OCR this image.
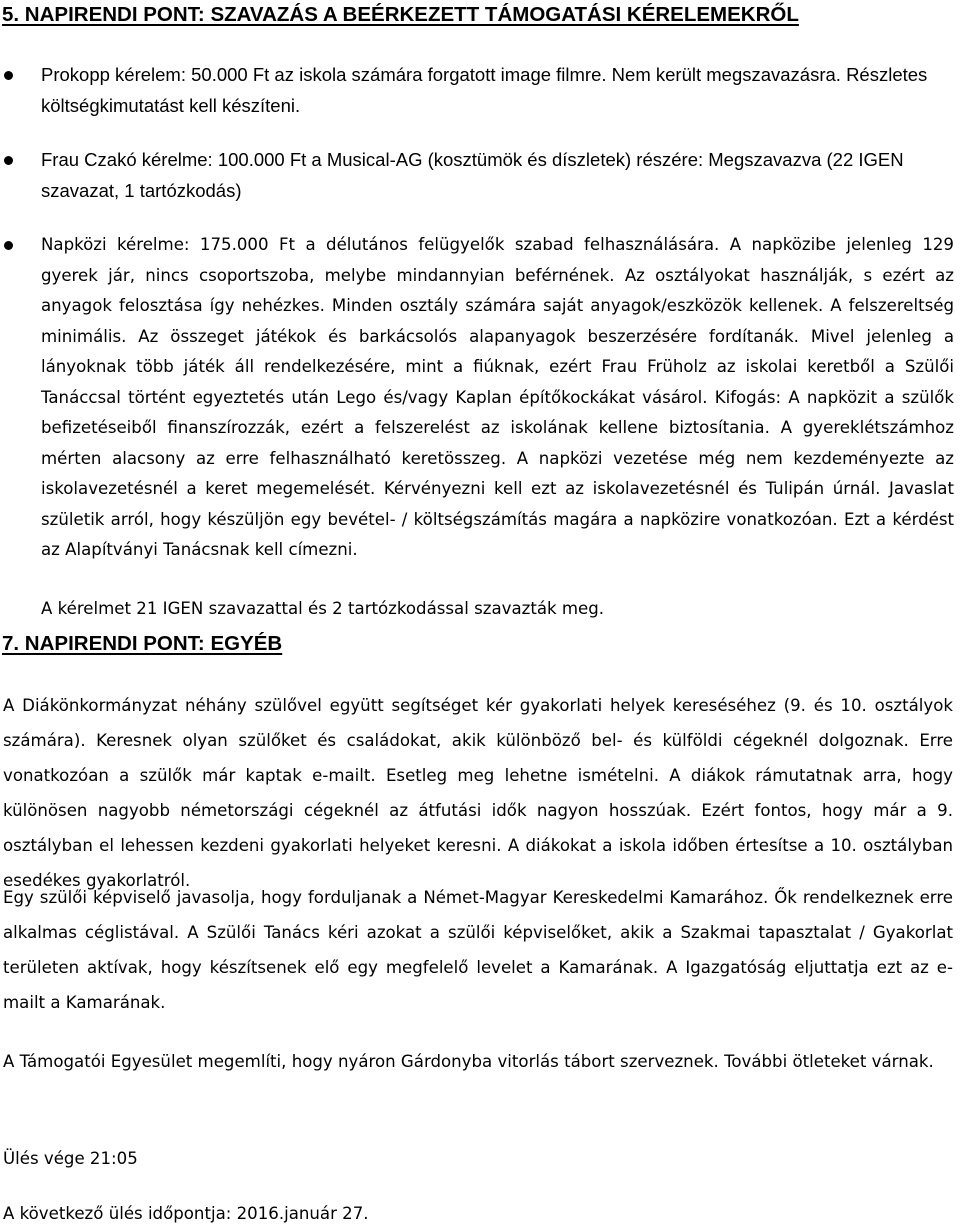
5. NAPIRENDI PONT: SZAVAZÁS A BEÉRKEZETT TÁMOGATÁSI KÉRELEMEKRŐL

Prokopp kérelem: 50.000 Ft az iskola számára forgatott image filmre. Nem került megszavazásra. Részletes költségkimutatást kell készíteni.

Frau Czakó kérelme: 100.000 Ft a Musical-AG (kosztümök és díszletek) részére: Megszavazva (22 IGEN szavazat, 1 tartózkodás)

Napközi kérelme: 175.000 Ft a délutános felügyelők szabad felhasználására. A napközibe jelenleg 129 gyerek jár, nincs csoportszoba, melybe mindannyian beférnének. Az osztályokat használják, s ezért az anyagok felosztása így nehézkes. Minden osztály számára saját anyagok/eszközök kellenek. A felszereltség minimális. Az összeget játékok és barkácsolós alapanyagok beszerzésére fordítanák. Mivel jelenleg a lányoknak több játék áll rendelkezésére, mint a fiúknak, ezért Frau Früholz az iskolai keretből a Szülői Tanáccsal történt egyeztetés után Lego és/vagy Kaplan építőkockákat vásárol. Kifogás: A napközit a szülők befizetéseiből finanszírozzák, ezért a felszerelést az iskolának kellene biztosítania. A gyereklétszámhoz mérten alacsony az erre felhasználható keretösszeg. A napközi vezetése még nem kezdeményezte az iskolavezetésnél a keret megemelését. Kérvényezni kell ezt az iskolavezetésnél és Tulipán úrnál. Javaslat születik arról, hogy készüljön egy bevétel- / költségszámítás magára a napközire vonatkozóan. Ezt a kérdést az Alapítványi Tanácsnak kell címezni.

A kérelmet 21 IGEN szavazattal és 2 tartózkodással szavazták meg.

7. NAPIRENDI PONT: EGYÉB

A Diákönkormányzat néhány szülővel együtt segítséget kér gyakorlati helyek kereséséhez (9. és 10. osztályok számára). Keresnek olyan szülőket és családokat, akik különböző bel- és külföldi cégeknél dolgoznak. Erre vonatkozóan a szülők már kaptak e-mailt. Esetleg meg lehetne ismételni. A diákok rámutatnak arra, hogy különösen nagyobb németországi cégeknél az átfutási idők nagyon hosszúak. Ezért fontos, hogy már a 9. osztályban el lehessen kezdeni gyakorlati helyeket keresni. A diákokat a iskola időben értesítse a 10. osztályban esedékes gyakorlatról.

Egy szülői képviselő javasolja, hogy forduljanak a Német-Magyar Kereskedelmi Kamarához. Ők rendelkeznek erre alkalmas céglistával. A Szülői Tanács kéri azokat a szülői képviselőket, akik a Szakmai tapasztalat / Gyakorlat területen aktívak, hogy készítsenek elő egy megfelelő levelet a Kamarának. A Igazgatóság eljuttatja ezt az e-mailt a Kamarának.

A Támogatói Egyesület megemlíti, hogy nyáron Gárdonyba vitorlás tábort szerveznek. További ötleteket várnak.

Ülés vége 21:05

A következő ülés időpontja: 2016.január 27.
